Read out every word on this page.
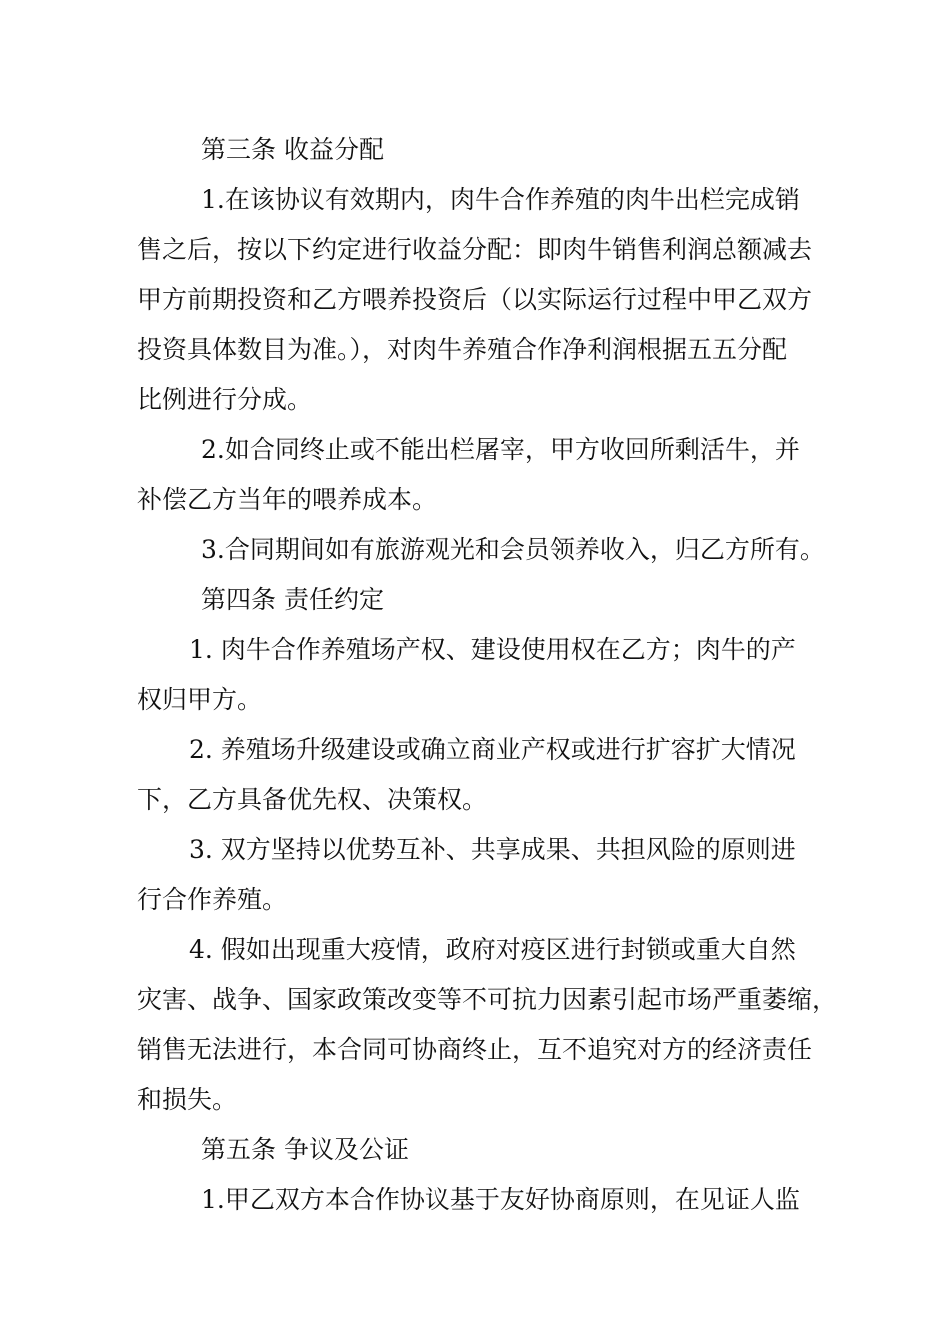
第三条 收益分配

1.在该协议有效期内，肉牛合作养殖的肉牛出栏完成销

售之后，按以下约定进行收益分配：即肉牛销售利润总额减去

甲方前期投资和乙方喂养投资后（以实际运行过程中甲乙双方

投资具体数目为准。），对肉牛养殖合作净利润根据五五分配

比例进行分成。

2.如合同终止或不能出栏屠宰，甲方收回所剩活牛，并

补偿乙方当年的喂养成本。

3.合同期间如有旅游观光和会员领养收入，归乙方所有。

第四条 责任约定

1. 肉牛合作养殖场产权、建设使用权在乙方；肉牛的产

权归甲方。

2. 养殖场升级建设或确立商业产权或进行扩容扩大情况

下，乙方具备优先权、决策权。

3. 双方坚持以优势互补、共享成果、共担风险的原则进

行合作养殖。

4. 假如出现重大疫情，政府对疫区进行封锁或重大自然

灾害、战争、国家政策改变等不可抗力因素引起市场严重萎缩，

销售无法进行，本合同可协商终止，互不追究对方的经济责任

和损失。

第五条 争议及公证

1.甲乙双方本合作协议基于友好协商原则，在见证人监
